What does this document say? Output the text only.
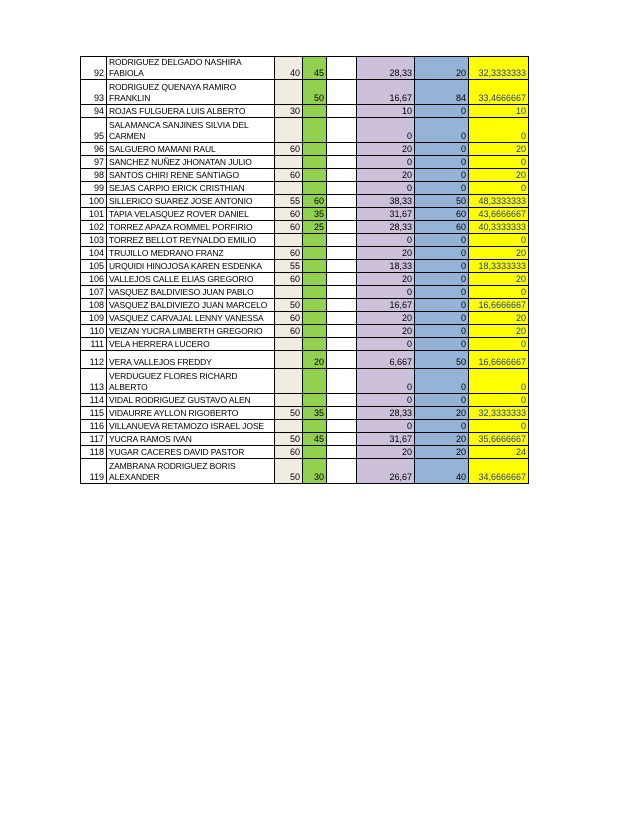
92	RODRIGUEZ DELGADO NASHIRA FABIOLA	40	45		28,33	20	32,3333333
93	RODRIGUEZ QUENAYA RAMIRO FRANKLIN		50		16,67	84	33,4666667
94	ROJAS FULGUERA LUIS ALBERTO	30			10	0	10
95	SALAMANCA SANJINES SILVIA DEL CARMEN				0	0	0
96	SALGUERO MAMANI RAUL	60			20	0	20
97	SANCHEZ NUÑEZ JHONATAN JULIO				0	0	0
98	SANTOS CHIRI RENE SANTIAGO	60			20	0	20
99	SEJAS CARPIO ERICK CRISTHIAN				0	0	0
100	SILLERICO SUAREZ JOSE ANTONIO	55	60		38,33	50	48,3333333
101	TAPIA VELASQUEZ ROVER DANIEL	60	35		31,67	60	43,6666667
102	TORREZ APAZA ROMMEL PORFIRIO	60	25		28,33	60	40,3333333
103	TORREZ BELLOT REYNALDO EMILIO				0	0	0
104	TRUJILLO MEDRANO FRANZ	60			20	0	20
105	URQUIDI HINOJOSA KAREN ESDENKA	55			18,33	0	18,3333333
106	VALLEJOS CALLE ELIAS GREGORIO	60			20	0	20
107	VASQUEZ BALDIVIESO JUAN PABLO				0	0	0
108	VASQUEZ BALDIVIEZO JUAN MARCELO	50			16,67	0	16,6666667
109	VASQUEZ CARVAJAL LENNY VANESSA	60			20	0	20
110	VEIZAN YUCRA LIMBERTH GREGORIO	60			20	0	20
111	VELA HERRERA LUCERO				0	0	0
112	VERA VALLEJOS FREDDY		20		6,667	50	16,6666667
113	VERDUGUEZ FLORES RICHARD ALBERTO				0	0	0
114	VIDAL RODRIGUEZ GUSTAVO ALEN				0	0	0
115	VIDAURRE AYLLON RIGOBERTO	50	35		28,33	20	32,3333333
116	VILLANUEVA RETAMOZO ISRAEL JOSE				0	0	0
117	YUCRA RAMOS IVAN	50	45		31,67	20	35,6666667
118	YUGAR CACERES DAVID PASTOR	60			20	20	24
119	ZAMBRANA RODRIGUEZ BORIS ALEXANDER	50	30		26,67	40	34,6666667
